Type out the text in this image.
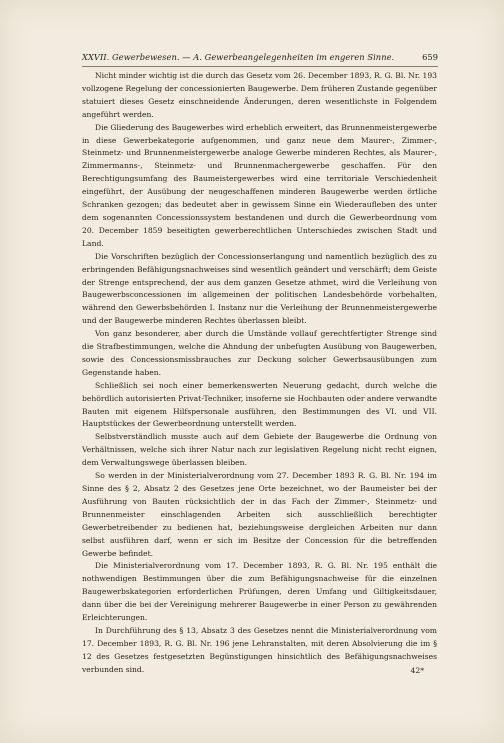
XXVII. Gewerbewesen. — A. Gewerbeangelegenheiten im engeren Sinne.	659

Nicht minder wichtig ist die durch das Gesetz vom 26. December 1893, R. G. Bl. Nr. 193 vollzogene Regelung der concessionierten Baugewerbe. Dem früheren Zustande gegenüber statuiert dieses Gesetz einschneidende Änderungen, deren wesentlichste in Folgendem angeführt werden.

Die Gliederung des Baugewerbes wird erheblich erweitert, das Brunnenmeistergewerbe in diese Gewerbekategorie aufgenommen, und ganz neue dem Maurer-, Zimmer-, Steinmetz- und Brunnenmeistergewerbe analoge Gewerbe minderen Rechtes, als Maurer-, Zimmermanns-, Steinmetz- und Brunnenmachergewerbe geschaffen. Für den Berechtigungsumfang des Baumeistergewerbes wird eine territoriale Verschiedenheit eingeführt, der Ausübung der neugeschaffenen minderen Baugewerbe werden örtliche Schranken gezogen; das bedeutet aber in gewissem Sinne ein Wiederaufleben des unter dem sogenannten Concessionssystem bestandenen und durch die Gewerbeordnung vom 20. December 1859 beseitigten gewerberechtlichen Unterschiedes zwischen Stadt und Land.

Die Vorschriften bezüglich der Concessionserlangung und namentlich bezüglich des zu erbringenden Befähigungsnachweises sind wesentlich geändert und verschärft; dem Geiste der Strenge entsprechend, der aus dem ganzen Gesetze athmet, wird die Verleihung von Baugewerbsconcessionen im allgemeinen der politischen Landesbehörde vorbehalten, während den Gewerbsbehörden I. Instanz nur die Verleihung der Brunnenmeistergewerbe und der Baugewerbe minderen Rechtes überlassen bleibt.

Von ganz besonderer, aber durch die Umstände vollauf gerechtfertigter Strenge sind die Strafbestimmungen, welche die Ahndung der unbefugten Ausübung von Baugewerben, sowie des Concessionsmissbrauches zur Deckung solcher Gewerbsausübungen zum Gegenstande haben.

Schließlich sei noch einer bemerkenswerten Neuerung gedacht, durch welche die behördlich autorisierten Privat-Techniker, insoferne sie Hochbauten oder andere verwandte Bauten mit eigenem Hilfspersonale ausführen, den Bestimmungen des VI. und VII. Hauptstückes der Gewerbeordnung unterstellt werden.

Selbstverständlich musste auch auf dem Gebiete der Baugewerbe die Ordnung von Verhältnissen, welche sich ihrer Natur nach zur legislativen Regelung nicht recht eignen, dem Verwaltungswege überlassen bleiben.

So werden in der Ministerialverordnung vom 27. December 1893 R. G. Bl. Nr. 194 im Sinne des § 2, Absatz 2 des Gesetzes jene Orte bezeichnet, wo der Baumeister bei der Ausführung von Bauten rücksichtlich der in das Fach der Zimmer-, Steinmetz- und Brunnenmeister einschlagenden Arbeiten sich ausschließlich berechtigter Gewerbetreibender zu bedienen hat, beziehungsweise dergleichen Arbeiten nur dann selbst ausführen darf, wenn er sich im Besitze der Concession für die betreffenden Gewerbe befindet.

Die Ministerialverordnung vom 17. December 1893, R. G. Bl. Nr. 195 enthält die nothwendigen Bestimmungen über die zum Befähigungsnachweise für die einzelnen Baugewerbskategorien erforderlichen Prüfungen, deren Umfang und Giltigkeitsdauer, dann über die bei der Vereinigung mehrerer Baugewerbe in einer Person zu gewährenden Erleichterungen.

In Durchführung des § 13, Absatz 3 des Gesetzes nennt die Ministerialverordnung vom 17. December 1893, R. G. Bl. Nr. 196 jene Lehranstalten, mit deren Absolvierung die im § 12 des Gesetzes festgesetzten Begünstigungen hinsichtlich des Befähigungsnachweises verbunden sind.	42*
